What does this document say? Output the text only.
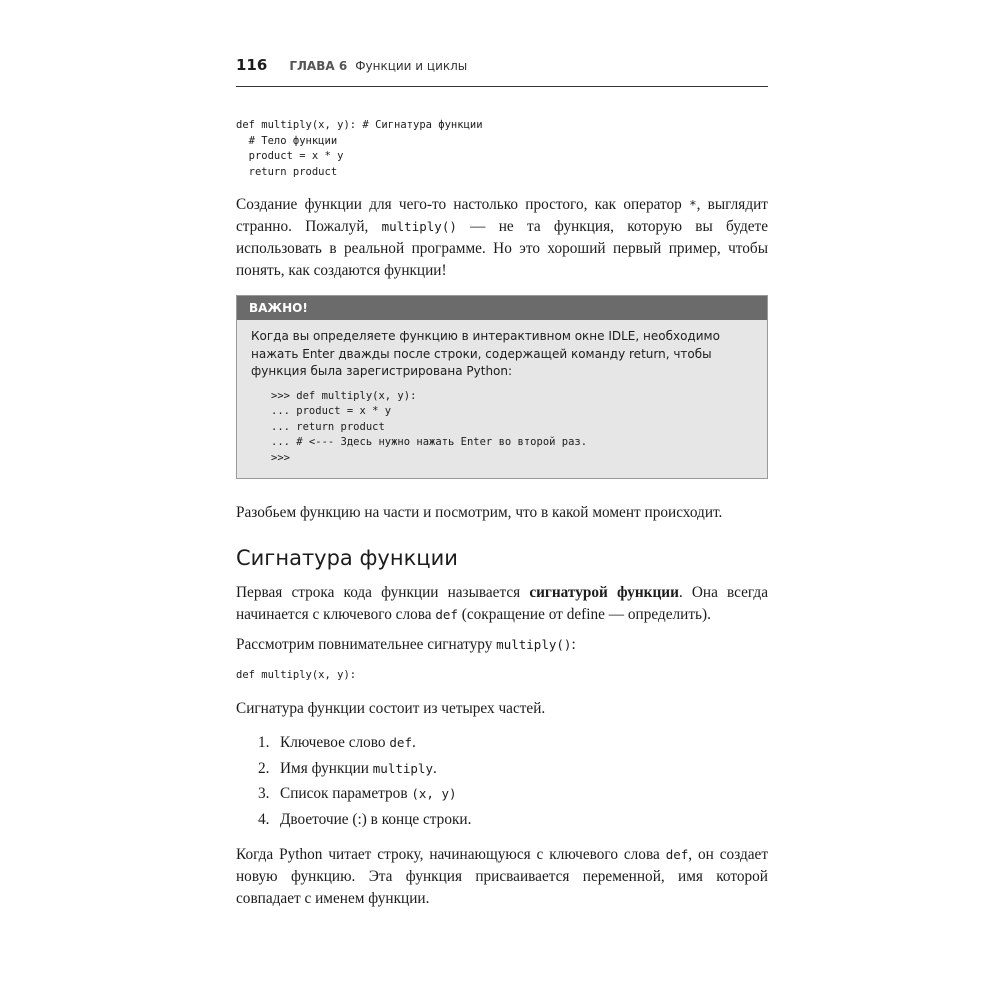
116 ГЛАВА 6 Функции и циклы
def multiply(x, y): # Сигнатура функции
# Тело функции
product = x * y
return product

Создание функции для чего-то настолько простого, как оператор *, выглядит странно. Пожалуй, multiply() — не та функция, которую вы будете использовать в реальной программе. Но это хороший первый пример, чтобы понять, как создаются функции!

ВАЖНО!

Когда вы определяете функцию в интерактивном окне IDLE, необходимо нажать Enter дважды после строки, содержащей команду return, чтобы функция была зарегистрирована Python:

>>> def multiply(x, y):
... product = x * y
... return product
... # <--- Здесь нужно нажать Enter во второй раз.
>>>

Разобьем функцию на части и посмотрим, что в какой момент происходит.

Сигнатура функции

Первая строка кода функции называется сигнатурой функции. Она всегда начинается с ключевого слова def (сокращение от define — определить).

Рассмотрим повнимательнее сигнатуру multiply():

def multiply(x, y):

Сигнатура функции состоит из четырех частей.

1. Ключевое слово def.
2. Имя функции multiply.
3. Список параметров (x, y)
4. Двоеточие (:) в конце строки.

Когда Python читает строку, начинающуюся с ключевого слова def, он создает новую функцию. Эта функция присваивается переменной, имя которой совпадает с именем функции.
